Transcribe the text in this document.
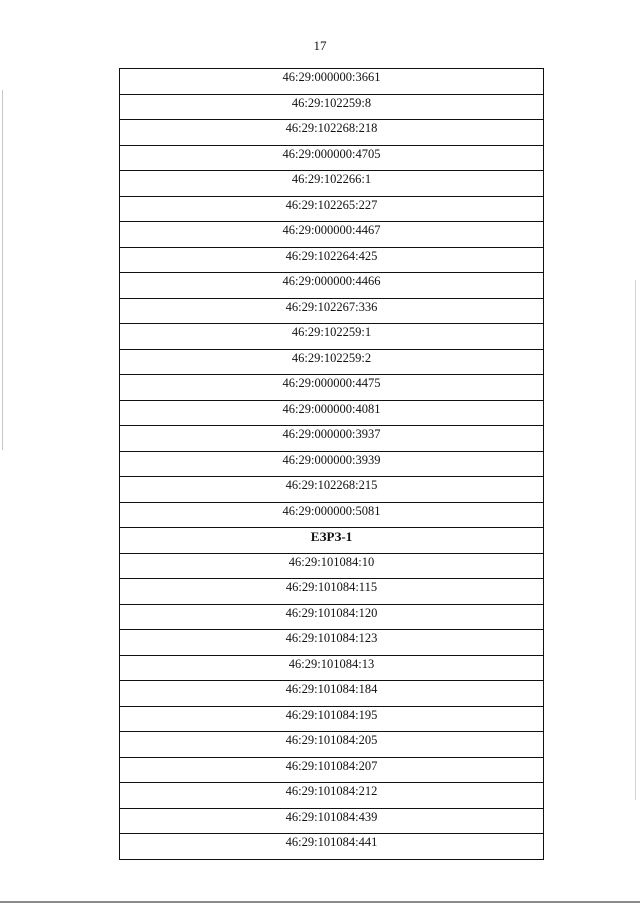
17
46:29:000000:3661
46:29:102259:8
46:29:102268:218
46:29:000000:4705
46:29:102266:1
46:29:102265:227
46:29:000000:4467
46:29:102264:425
46:29:000000:4466
46:29:102267:336
46:29:102259:1
46:29:102259:2
46:29:000000:4475
46:29:000000:4081
46:29:000000:3937
46:29:000000:3939
46:29:102268:215
46:29:000000:5081
ЕЗРЗ-1
46:29:101084:10
46:29:101084:115
46:29:101084:120
46:29:101084:123
46:29:101084:13
46:29:101084:184
46:29:101084:195
46:29:101084:205
46:29:101084:207
46:29:101084:212
46:29:101084:439
46:29:101084:441
